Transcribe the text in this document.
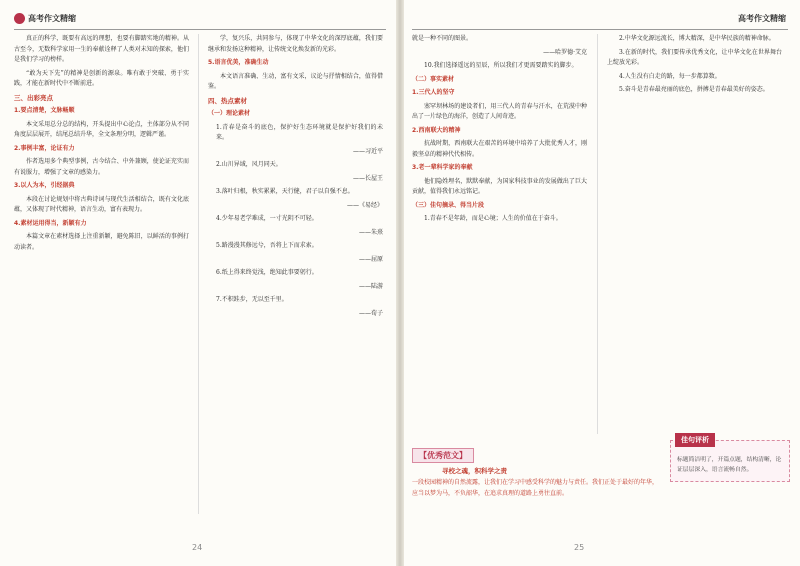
高考作文精缩

真正的科学，既要有高远的理想，也要有脚踏实地的精神。从古至今，无数科学家用一生的奉献诠释了人类对未知的探索，他们是我们学习的榜样。

“敢为天下先”的精神是创新的源泉。唯有敢于突破、勇于实践，才能在新时代中不断前进。

三、出彩亮点

1.要点清楚，文脉畅顺

本文采用总分总的结构，开头提出中心论点，主体部分从不同角度层层展开，结尾总结升华，全文条理分明，逻辑严谨。

2.事例丰富，论证有力

作者选用多个典型事例，古今结合、中外兼顾，使论证充实而有说服力，增强了文章的感染力。

3.以人为本，引经据典

本段在讨论规划中将古典诗词与现代生活相结合，既有文化底蕴，又体现了时代精神，语言生动，富有表现力。

4.素材运用得当，新颖有力

本篇文章在素材选择上注重新颖，避免陈旧，以鲜活的事例打动读者。

学，复兴乐，共同参与，体现了中华文化的深厚底蕴，我们要继承和发扬这种精神，让传统文化焕发新的光彩。

5.语言优美，准确生动

本文语言准确、生动，富有文采，议论与抒情相结合，值得借鉴。

四、热点素材

（一）理论素材

1.青春是奋斗的底色，保护好生态环境就是保护好我们的未来。

——习近平

2.山川异域，风月同天。

——长屋王

3.落叶归根，秋实累累，天行健，君子以自强不息。

——《易经》

4.少年易老学难成，一寸光阴不可轻。

——朱熹

5.路漫漫其修远兮，吾将上下而求索。

——屈原

6.纸上得来终觉浅，绝知此事要躬行。

——陆游

7.不积跬步，无以至千里。

——荀子

24
高考作文精缩

就是一种不同的图景。

——哈罗德·艾克

10.我们选择遥远的星辰，所以我们才更需要踏实的脚步。

（二）事实素材

1.三代人的坚守

塞罕坝林场的建设者们，用三代人的青春与汗水，在荒漠中种出了一片绿色的海洋，创造了人间奇迹。

2.西南联大的精神

抗战时期，西南联大在艰苦的环境中培养了大批优秀人才，刚毅坚卓的精神代代相传。

3.老一辈科学家的奉献

他们隐姓埋名，默默奉献，为国家科技事业的发展做出了巨大贡献，值得我们永远铭记。

（三）佳句摘录、得当片段

1.青春不是年龄，而是心境；人生的价值在于奋斗。

2.中华文化源远流长，博大精深，是中华民族的精神命脉。

3.在新的时代，我们要传承优秀文化，让中华文化在世界舞台上绽放光彩。

4.人生没有白走的路，每一步都算数。

5.奋斗是青春最亮丽的底色，拼搏是青春最美好的姿态。

【优秀范文】
寻校之魂，积科学之责
一段校园精神的自然流露，让我们在学习中感受科学的魅力与责任。我们正处于最好的年华，应当以梦为马，不负韶华，在追求真理的道路上勇往直前。
佳句评析
标题简洁明了，开篇点题，结构清晰，论证层层深入，语言流畅自然。
25
